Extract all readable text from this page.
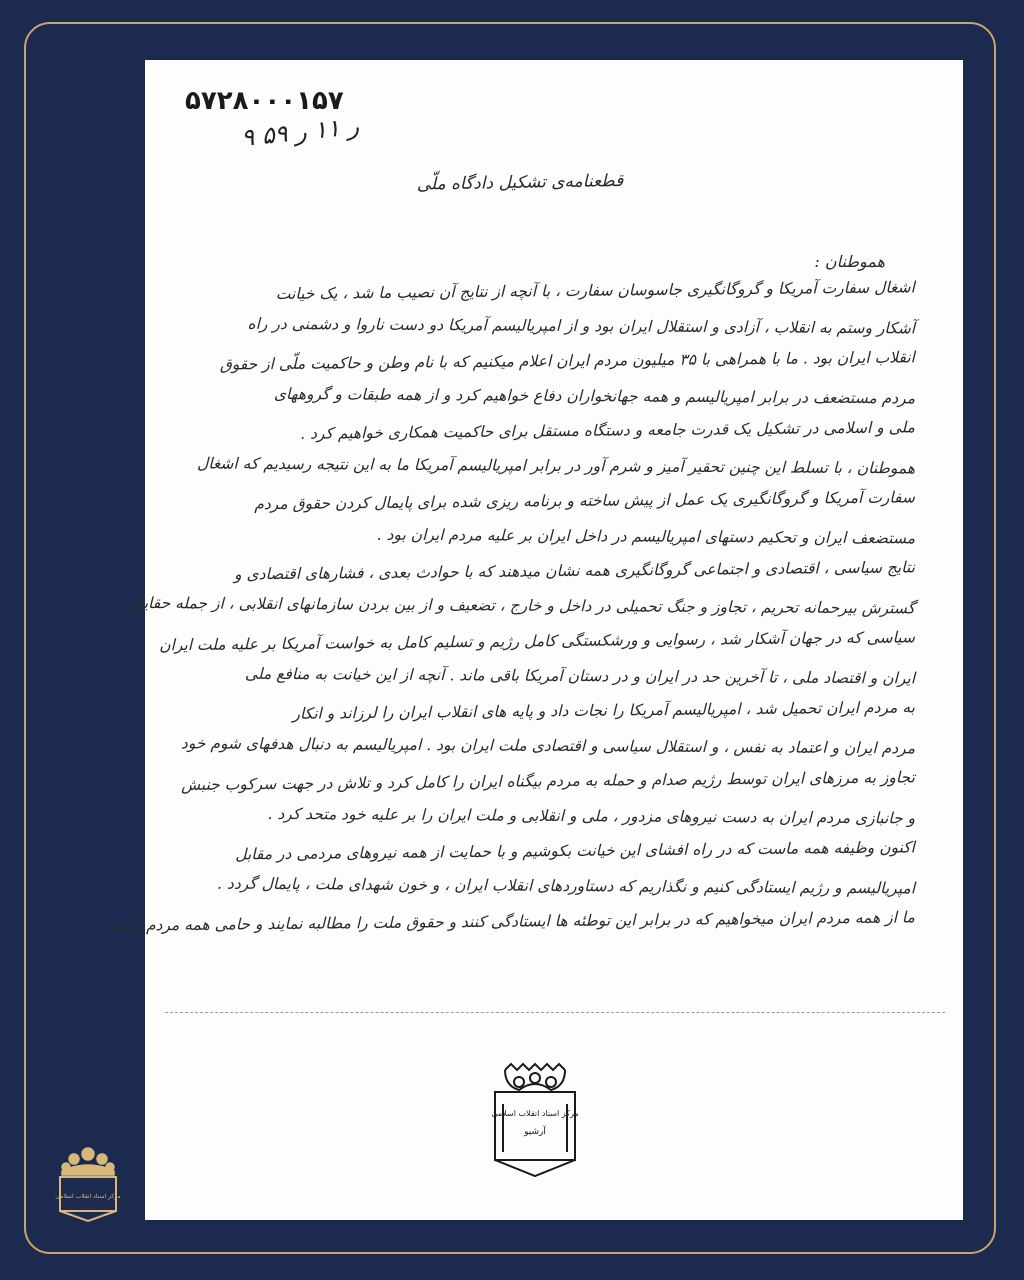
۵۷۲۸۰۰۰۱۵۷
۹ ر ۱۱ ر ۵۹
قطعنامه‌ی تشکیل دادگاه ملّی
هموطنان :
اشغال سفارت آمریکا و گروگانگیری جاسوسان سفارت ، با آنچه از نتایج آن نصیب ما شد ، یک خیانت
آشکار وستم به انقلاب ، آزادی و استقلال ایران بود و از امپریالیسم آمریکا دو دست ناروا و دشمنی در راه
انقلاب ایران بود . ما با همراهی با ۳۵ میلیون مردم ایران اعلام میکنیم که با نام وطن و حاکمیت ملّی از حقوق
مردم مستضعف در برابر امپریالیسم و همه جهانخواران دفاع خواهیم کرد و از همه طبقات و گروههای
ملی و اسلامی در تشکیل یک قدرت جامعه و دستگاه مستقل برای حاکمیت همکاری خواهیم کرد .
هموطنان ، با تسلط این چنین تحقیر آمیز و شرم آور در برابر امپریالیسم آمریکا ما به این نتیجه رسیدیم که اشغال
سفارت آمریکا و گروگانگیری یک عمل از پیش ساخته و برنامه ریزی شده برای پایمال کردن حقوق مردم
مستضعف ایران و تحکیم دستهای امپریالیسم در داخل ایران بر علیه مردم ایران بود .
نتایج سیاسی ، اقتصادی و اجتماعی گروگانگیری همه نشان میدهند که با حوادث بعدی ، فشارهای اقتصادی و
گسترش بیرحمانه تحریم ، تجاوز و جنگ تحمیلی در داخل و خارج ، تضعیف و از بین بردن سازمانهای انقلابی ، از جمله حقایق
سیاسی که در جهان آشکار شد ، رسوایی و ورشکستگی کامل رژیم و تسلیم کامل به خواست آمریکا بر علیه ملت ایران
ایران و اقتصاد ملی ، تا آخرین حد در ایران و در دستان آمریکا باقی ماند . آنچه از این خیانت به منافع ملی
به مردم ایران تحمیل شد ، امپریالیسم آمریکا را نجات داد و پایه های انقلاب ایران را لرزاند و انکار
مردم ایران و اعتماد به نفس ، و استقلال سیاسی و اقتصادی ملت ایران بود . امپریالیسم به دنبال هدفهای شوم خود
تجاوز به مرزهای ایران توسط رژیم صدام و حمله به مردم بیگناه ایران را کامل کرد و تلاش در جهت سرکوب جنبش
و جانبازی مردم ایران به دست نیروهای مزدور ، ملی و انقلابی و ملت ایران را بر علیه خود متحد کرد .
اکنون وظیفه همه ماست که در راه افشای این خیانت بکوشیم و با حمایت از همه نیروهای مردمی در مقابل
امپریالیسم و رژیم ایستادگی کنیم و نگذاریم که دستاوردهای انقلاب ایران ، و خون شهدای ملت ، پایمال گردد .
ما از همه مردم ایران میخواهیم که در برابر این توطئه ها ایستادگی کنند و حقوق ملت را مطالبه نمایند و حامی همه مردم باشند .
مرکز اسناد انقلاب اسلامی
آرشیو
مرکز اسناد انقلاب اسلامی
